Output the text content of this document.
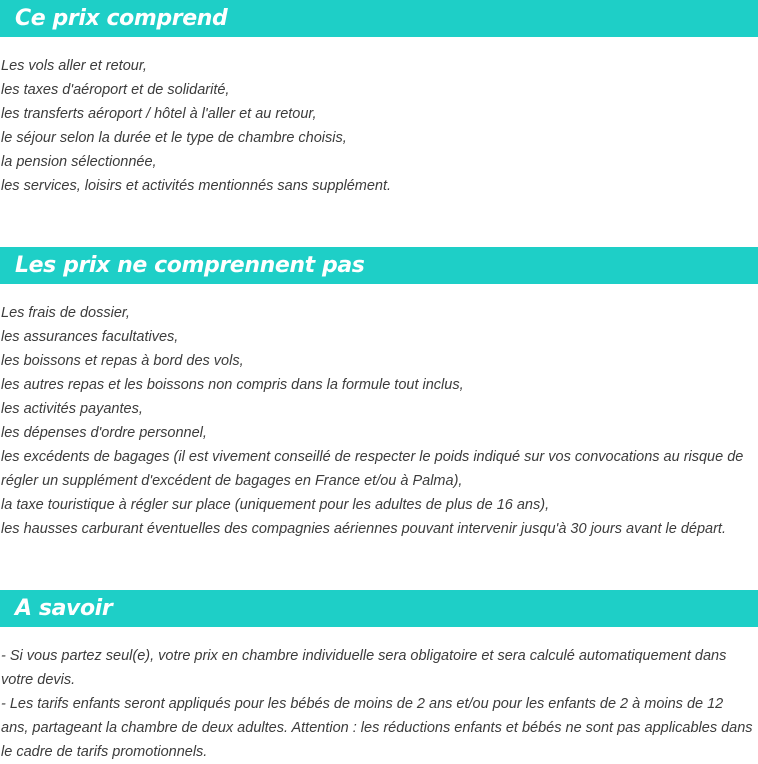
Ce prix comprend
Les vols aller et retour,
les taxes d'aéroport et de solidarité,
les transferts aéroport / hôtel à l'aller et au retour,
le séjour selon la durée et le type de chambre choisis,
la pension sélectionnée,
les services, loisirs et activités mentionnés sans supplément.
Les prix ne comprennent pas
Les frais de dossier,
les assurances facultatives,
les boissons et repas à bord des vols,
les autres repas et les boissons non compris dans la formule tout inclus,
les activités payantes,
les dépenses d'ordre personnel,
les excédents de bagages (il est vivement conseillé de respecter le poids indiqué sur vos convocations au risque de régler un supplément d'excédent de bagages en France et/ou à Palma),
la taxe touristique à régler sur place (uniquement pour les adultes de plus de 16 ans),
les hausses carburant éventuelles des compagnies aériennes pouvant intervenir jusqu'à 30 jours avant le départ.
A savoir
- Si vous partez seul(e), votre prix en chambre individuelle sera obligatoire et sera calculé automatiquement dans votre devis.
- Les tarifs enfants seront appliqués pour les bébés de moins de 2 ans et/ou pour les enfants de 2 à moins de 12 ans, partageant la chambre de deux adultes. Attention : les réductions enfants et bébés ne sont pas applicables dans le cadre de tarifs promotionnels.
